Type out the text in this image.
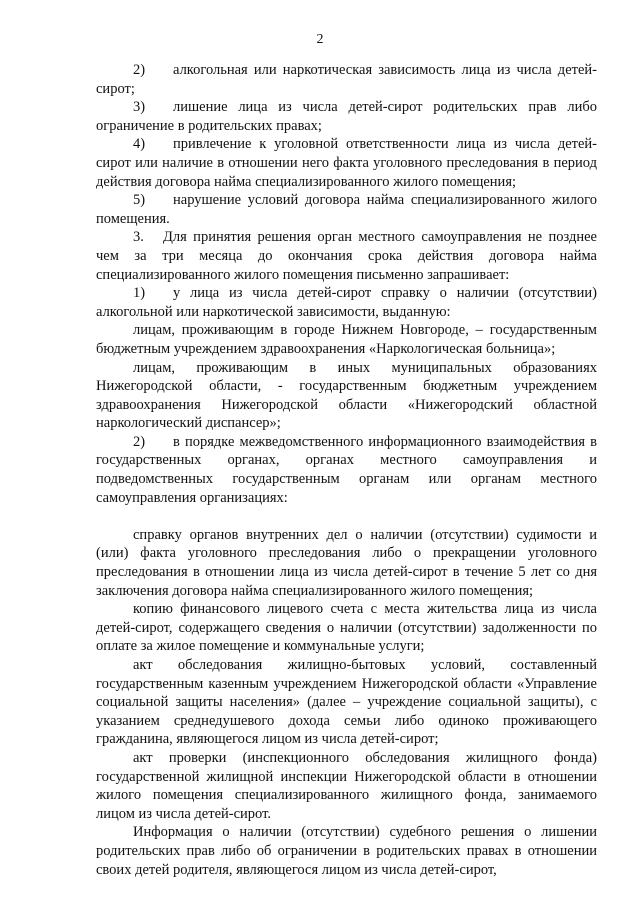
2

2) алкогольная или наркотическая зависимость лица из числа детей-сирот;

3) лишение лица из числа детей-сирот родительских прав либо ограничение в родительских правах;

4) привлечение к уголовной ответственности лица из числа детей-сирот или наличие в отношении него факта уголовного преследования в период действия договора найма специализированного жилого помещения;

5) нарушение условий договора найма специализированного жилого помещения.

3. Для принятия решения орган местного самоуправления не позднее чем за три месяца до окончания срока действия договора найма специализированного жилого помещения письменно запрашивает:

1) у лица из числа детей-сирот справку о наличии (отсутствии) алкогольной или наркотической зависимости, выданную:

лицам, проживающим в городе Нижнем Новгороде, – государственным бюджетным учреждением здравоохранения «Наркологическая больница»;

лицам, проживающим в иных муниципальных образованиях Нижегородской области, - государственным бюджетным учреждением здравоохранения Нижегородской области «Нижегородский областной наркологический диспансер»;

2) в порядке межведомственного информационного взаимодействия в государственных органах, органах местного самоуправления и подведомственных государственным органам или органам местного самоуправления организациях:

справку органов внутренних дел о наличии (отсутствии) судимости и (или) факта уголовного преследования либо о прекращении уголовного преследования в отношении лица из числа детей-сирот в течение 5 лет со дня заключения договора найма специализированного жилого помещения;

копию финансового лицевого счета с места жительства лица из числа детей-сирот, содержащего сведения о наличии (отсутствии) задолженности по оплате за жилое помещение и коммунальные услуги;

акт обследования жилищно-бытовых условий, составленный государственным казенным учреждением Нижегородской области «Управление социальной защиты населения» (далее – учреждение социальной защиты), с указанием среднедушевого дохода семьи либо одиноко проживающего гражданина, являющегося лицом из числа детей-сирот;

акт проверки (инспекционного обследования жилищного фонда) государственной жилищной инспекции Нижегородской области в отношении жилого помещения специализированного жилищного фонда, занимаемого лицом из числа детей-сирот.

Информация о наличии (отсутствии) судебного решения о лишении родительских прав либо об ограничении в родительских правах в отношении своих детей родителя, являющегося лицом из числа детей-сирот,
